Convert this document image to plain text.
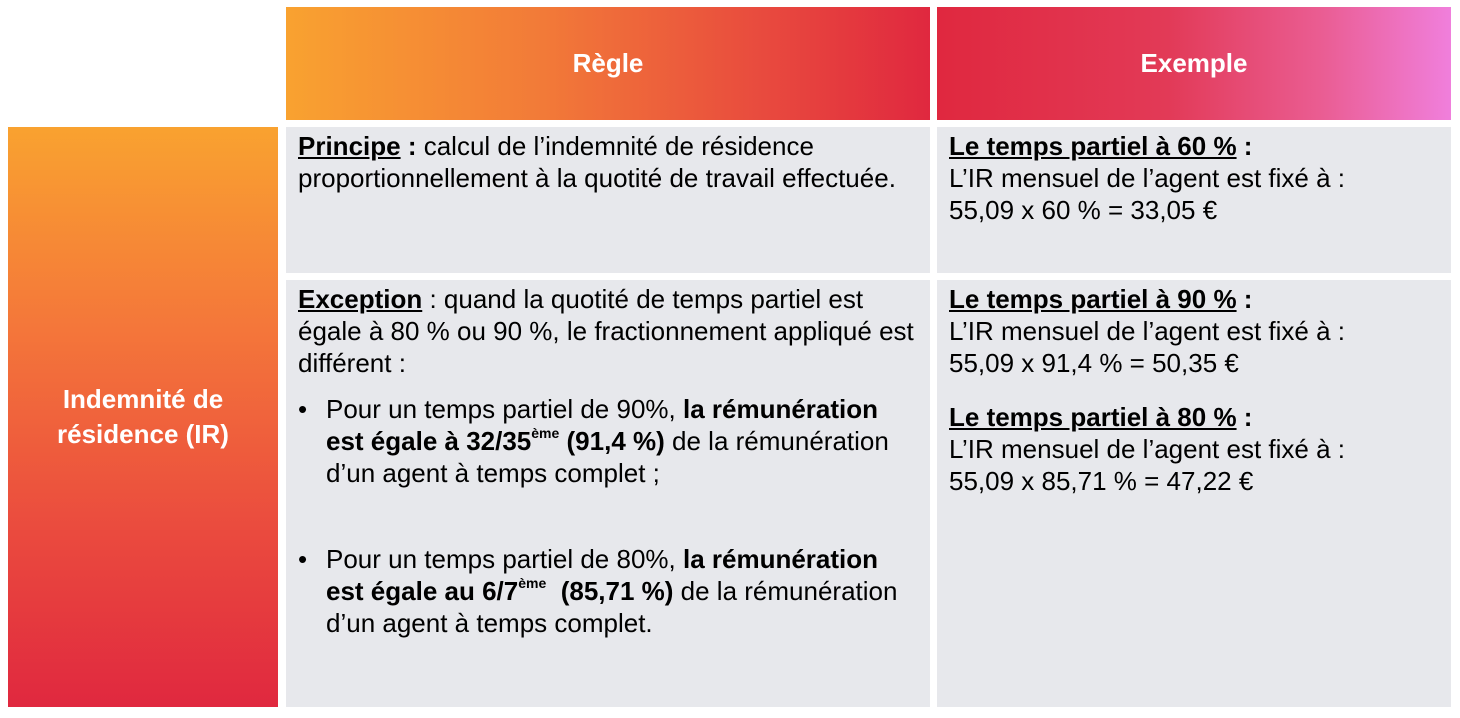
Règle	Exemple
Indemnité de
résidence (IR)
Principe : calcul de l’indemnité de résidence proportionnellement à la quotité de travail effectuée.
Le temps partiel à 60 % :
L’IR mensuel de l’agent est fixé à :
55,09 x 60 % = 33,05 €
Exception : quand la quotité de temps partiel est égale à 80 % ou 90 %, le fractionnement appliqué est différent :
• Pour un temps partiel de 90%, la rémunération est égale à 32/35ème (91,4 %) de la rémunération d’un agent à temps complet ;
• Pour un temps partiel de 80%, la rémunération est égale au 6/7ème  (85,71 %) de la rémunération d’un agent à temps complet.
Le temps partiel à 90 % :
L’IR mensuel de l’agent est fixé à :
55,09 x 91,4 % = 50,35 €
Le temps partiel à 80 % :
L’IR mensuel de l’agent est fixé à :
55,09 x 85,71 % = 47,22 €
